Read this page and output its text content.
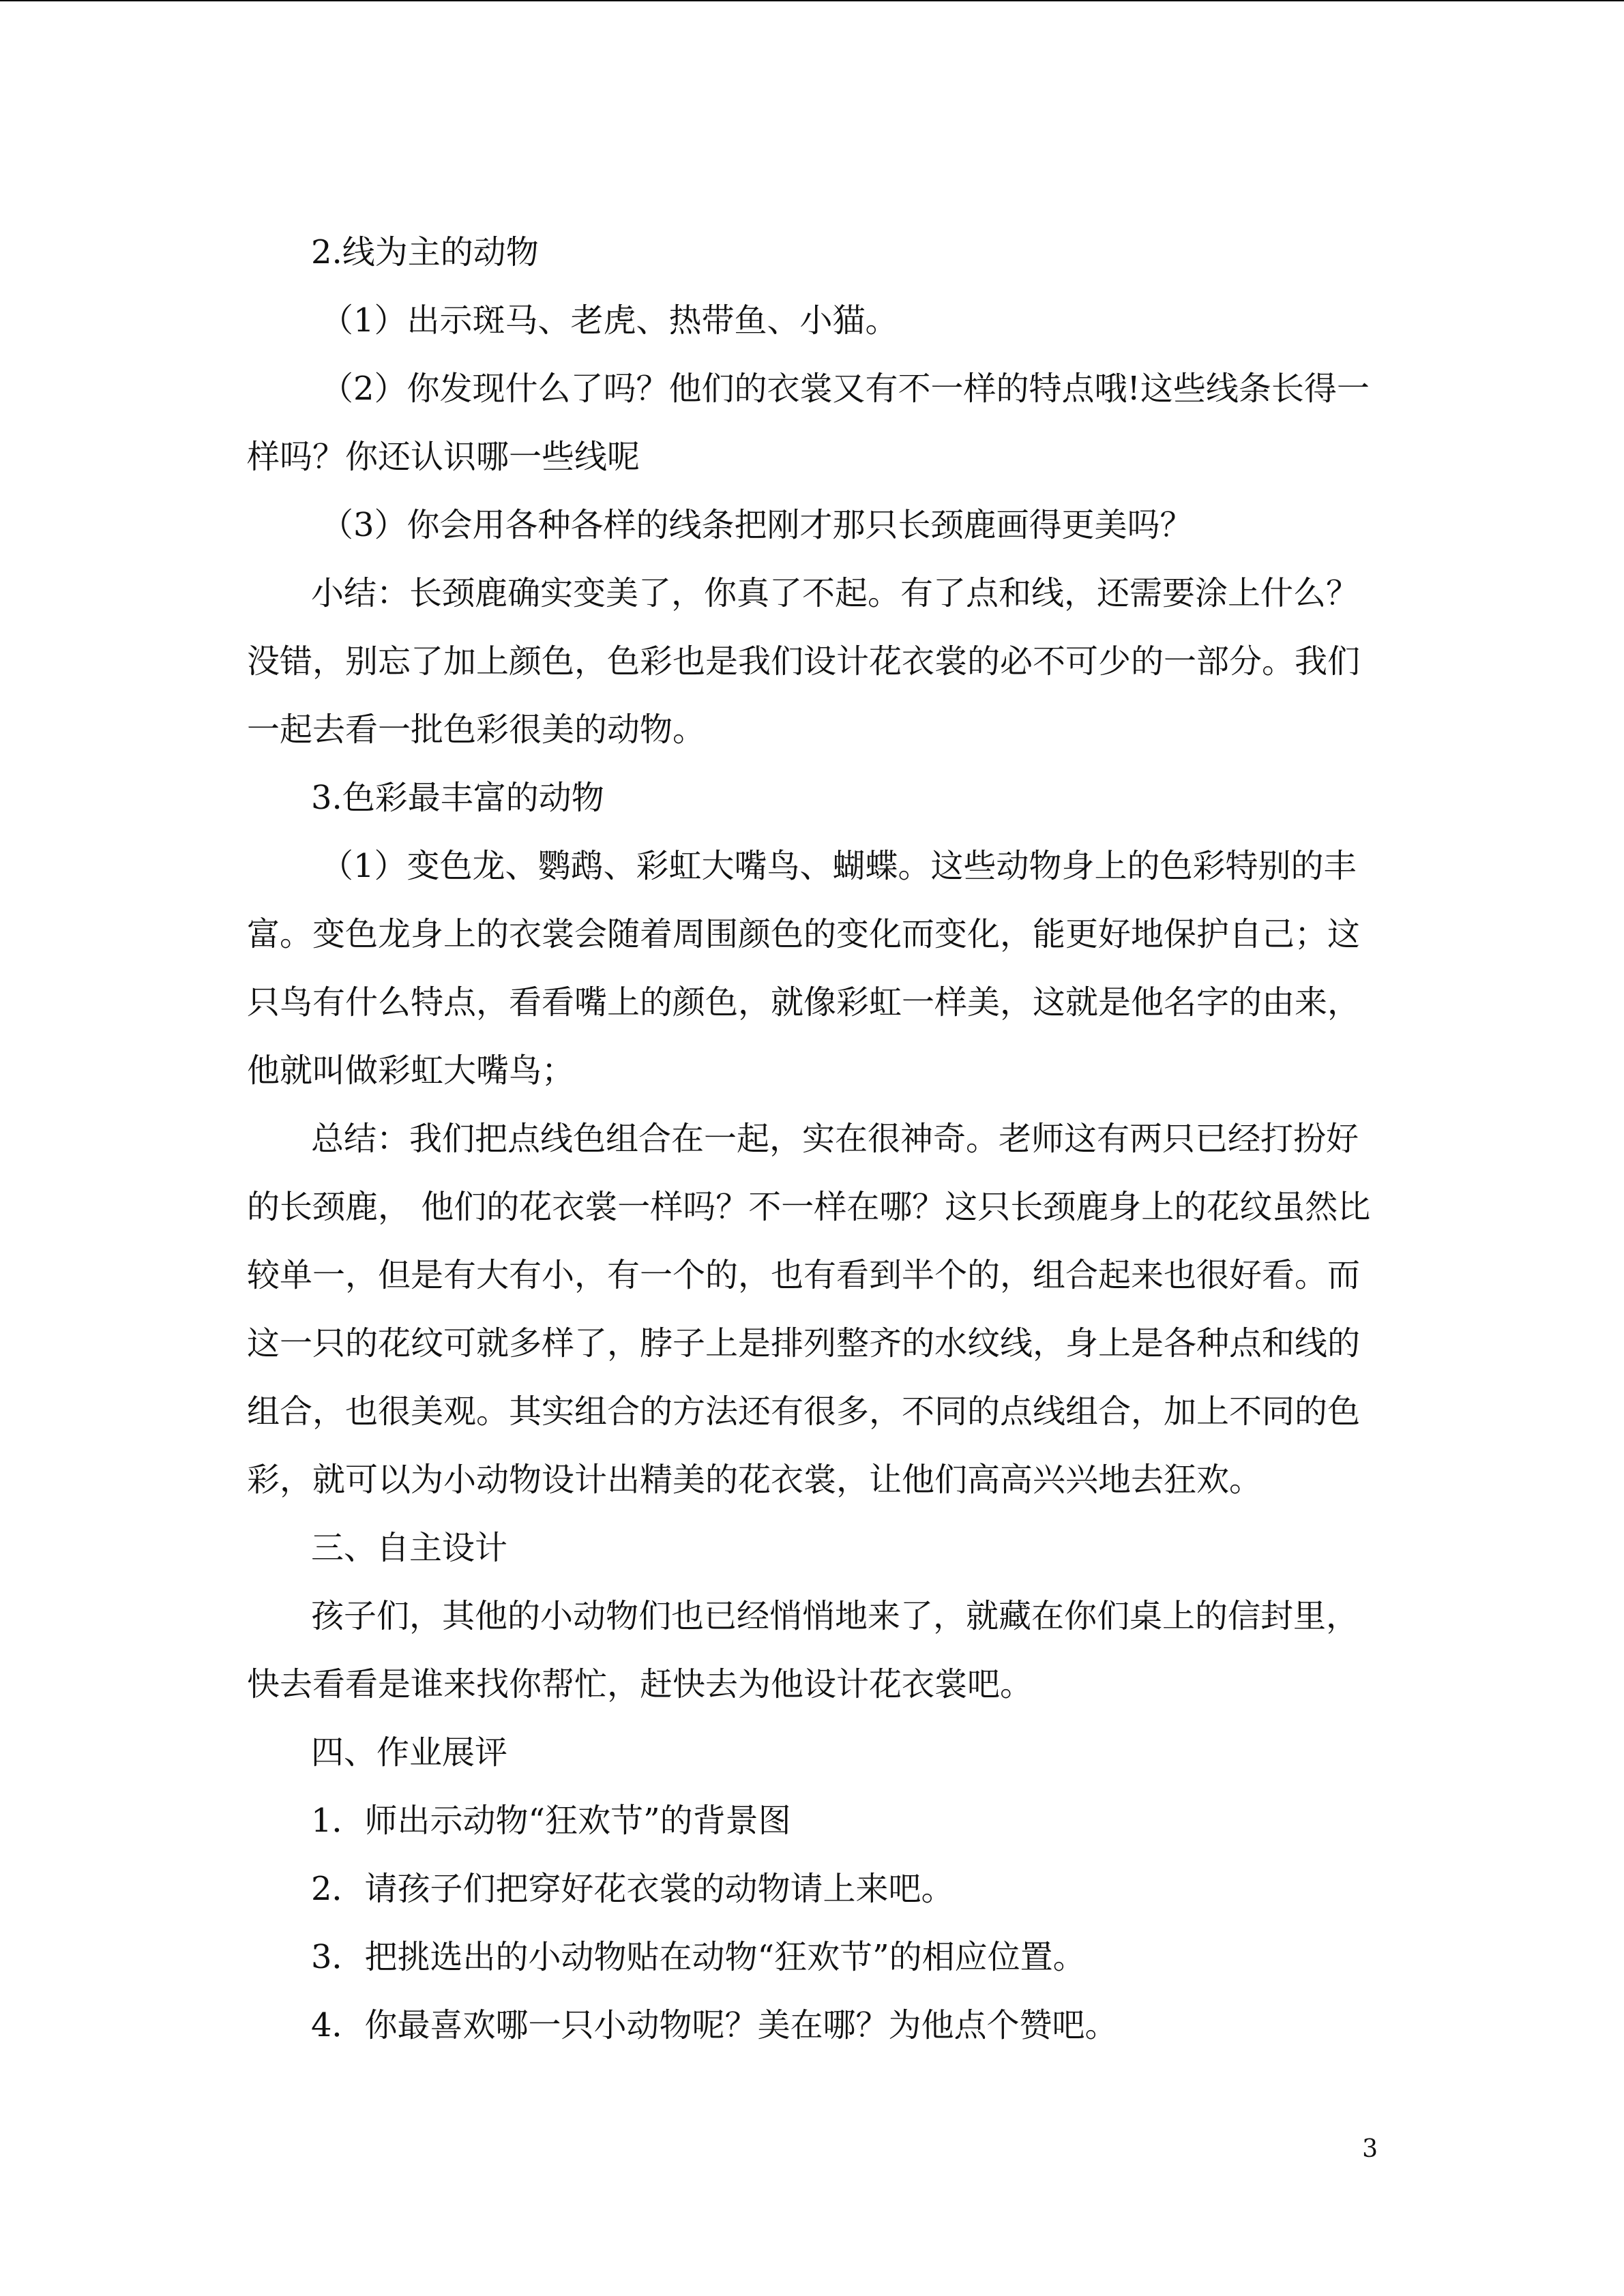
2.线为主的动物
（1）出示斑马、老虎、热带鱼、小猫。
（2）你发现什么了吗？他们的衣裳又有不一样的特点哦!这些线条长得一
样吗？你还认识哪一些线呢
（3）你会用各种各样的线条把刚才那只长颈鹿画得更美吗？
小结：长颈鹿确实变美了，你真了不起。有了点和线，还需要涂上什么？
没错，别忘了加上颜色，色彩也是我们设计花衣裳的必不可少的一部分。我们
一起去看一批色彩很美的动物。
3.色彩最丰富的动物
（1）变色龙、鹦鹉、彩虹大嘴鸟、蝴蝶。这些动物身上的色彩特别的丰
富。变色龙身上的衣裳会随着周围颜色的变化而变化，能更好地保护自己；这
只鸟有什么特点，看看嘴上的颜色，就像彩虹一样美，这就是他名字的由来，
他就叫做彩虹大嘴鸟；
总结：我们把点线色组合在一起，实在很神奇。老师这有两只已经打扮好
的长颈鹿， 他们的花衣裳一样吗？不一样在哪？这只长颈鹿身上的花纹虽然比
较单一，但是有大有小，有一个的，也有看到半个的，组合起来也很好看。而
这一只的花纹可就多样了，脖子上是排列整齐的水纹线，身上是各种点和线的
组合，也很美观。其实组合的方法还有很多，不同的点线组合，加上不同的色
彩，就可以为小动物设计出精美的花衣裳，让他们高高兴兴地去狂欢。
三、自主设计
孩子们，其他的小动物们也已经悄悄地来了，就藏在你们桌上的信封里，
快去看看是谁来找你帮忙，赶快去为他设计花衣裳吧。
四、作业展评
1．师出示动物“狂欢节”的背景图
2．请孩子们把穿好花衣裳的动物请上来吧。
3．把挑选出的小动物贴在动物“狂欢节”的相应位置。
4．你最喜欢哪一只小动物呢？美在哪？为他点个赞吧。
3
